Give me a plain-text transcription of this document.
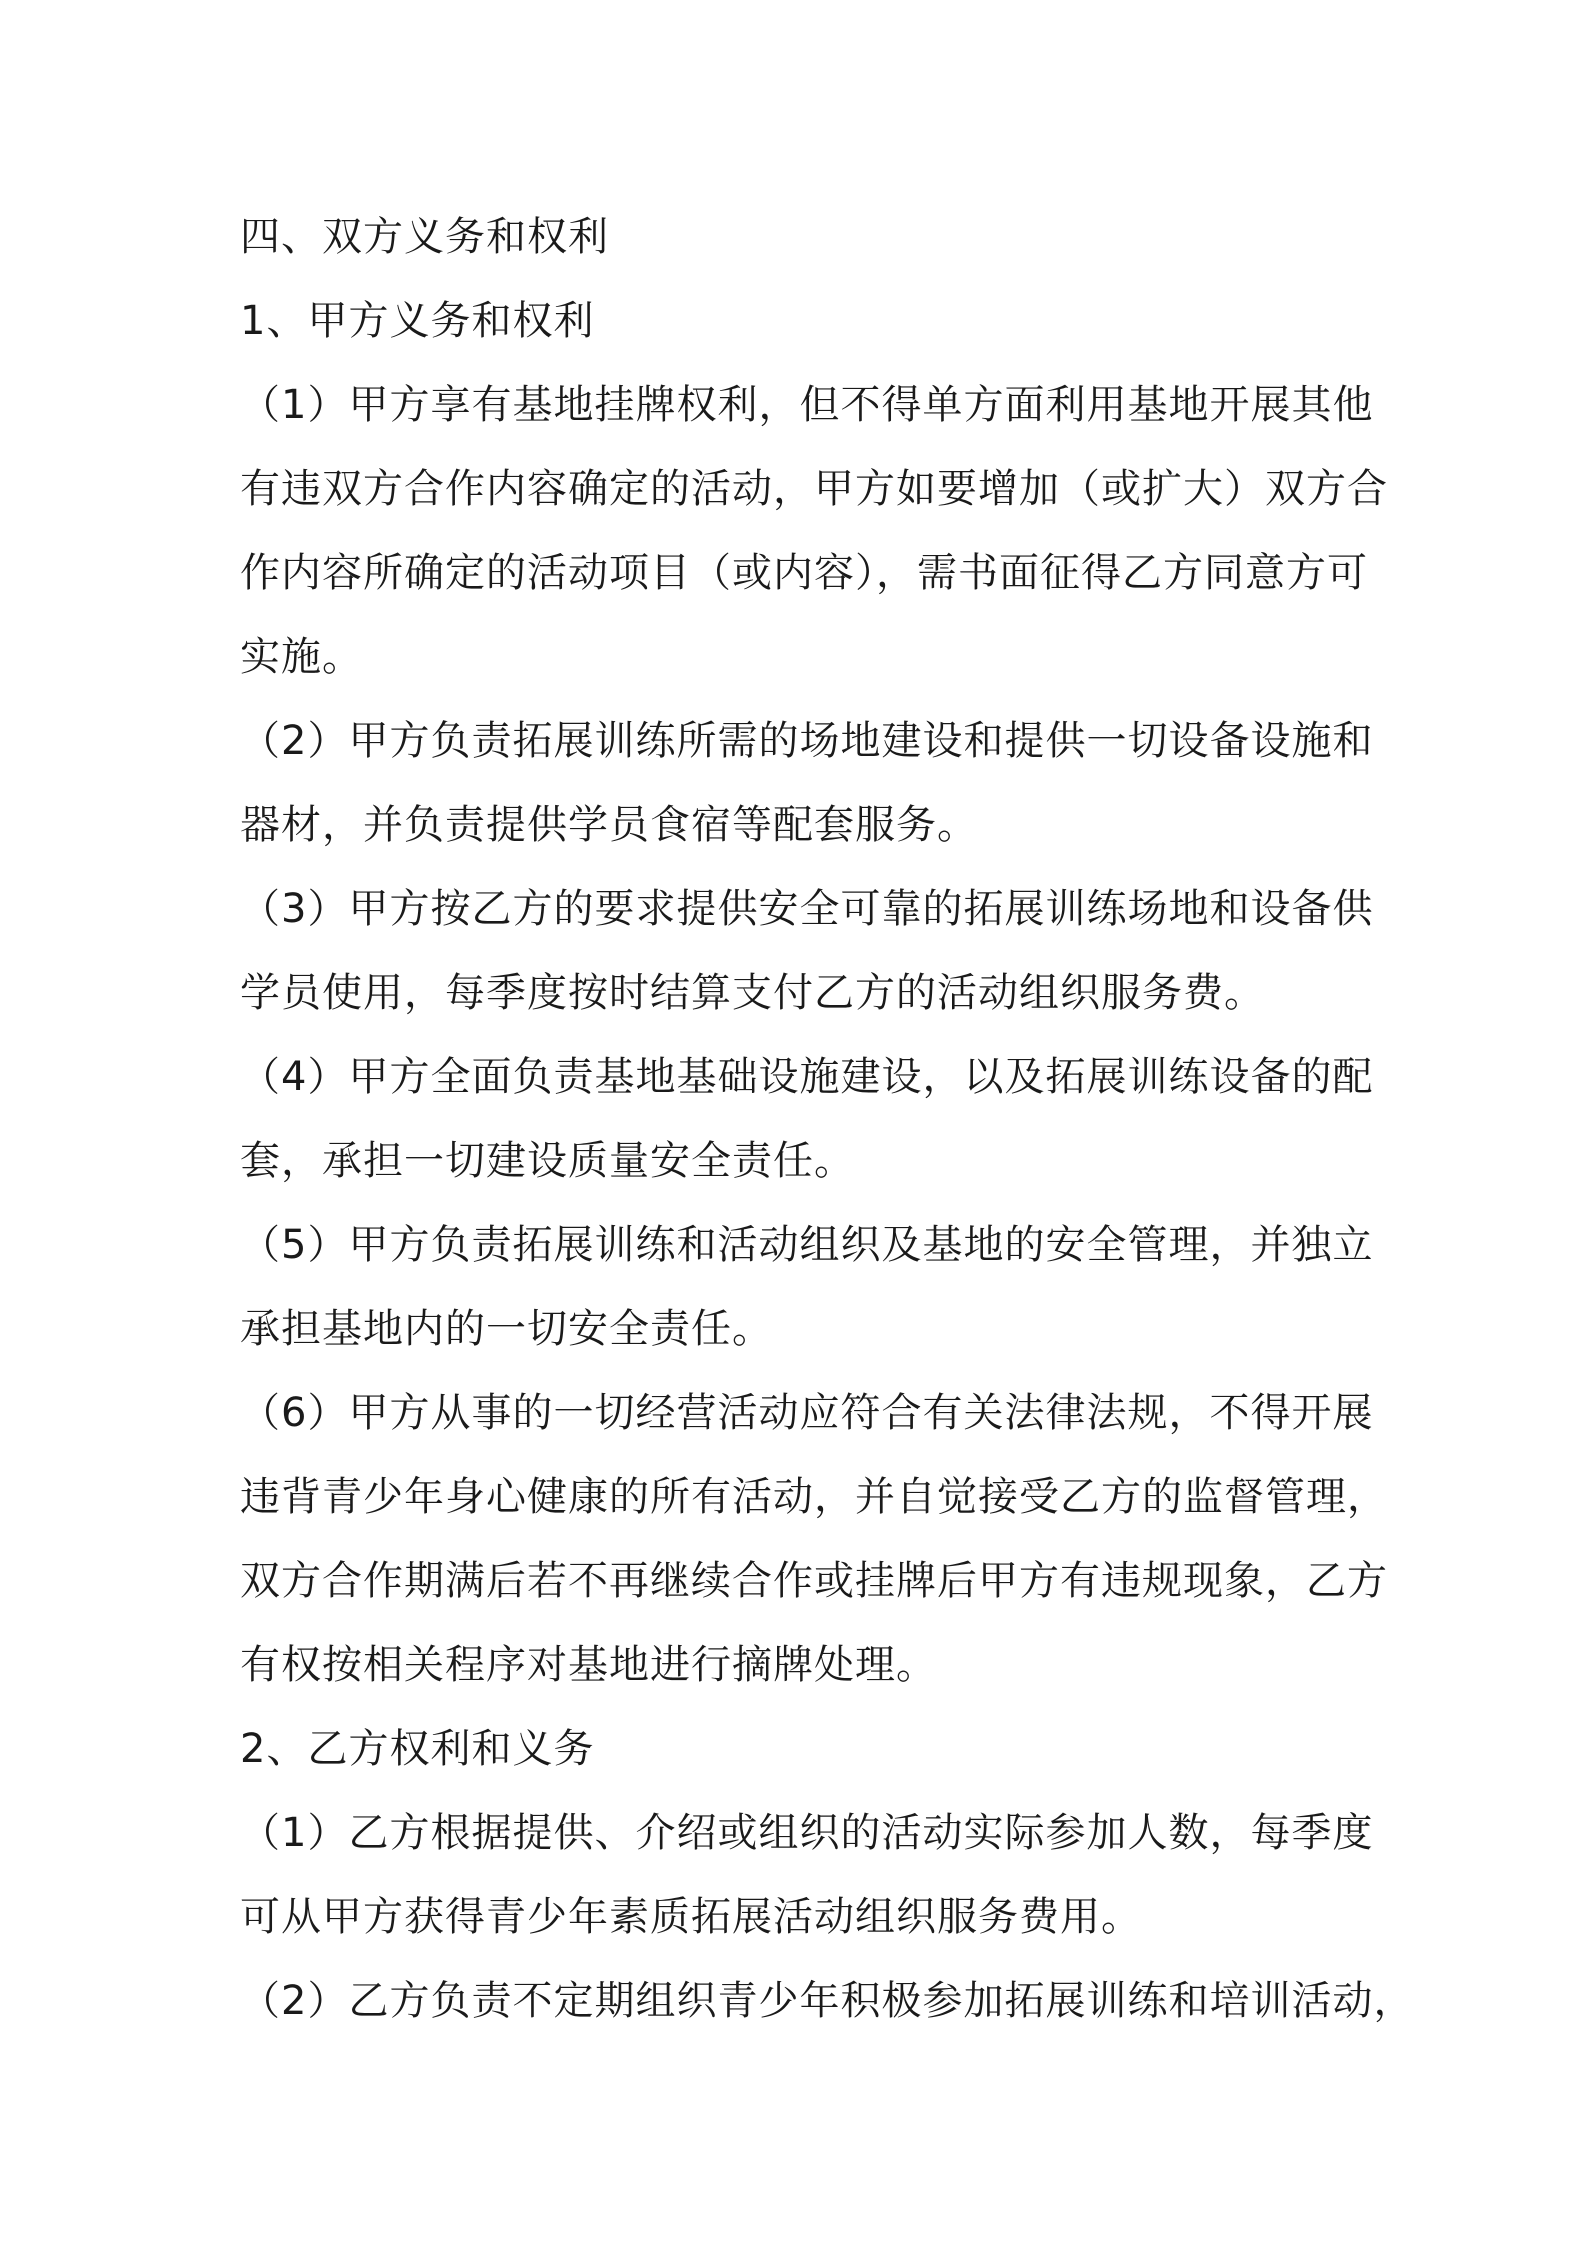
四、双方义务和权利

1、甲方义务和权利

（1）甲方享有基地挂牌权利，但不得单方面利用基地开展其他

有违双方合作内容确定的活动，甲方如要增加（或扩大）双方合

作内容所确定的活动项目（或内容），需书面征得乙方同意方可

实施。

（2）甲方负责拓展训练所需的场地建设和提供一切设备设施和

器材，并负责提供学员食宿等配套服务。

（3）甲方按乙方的要求提供安全可靠的拓展训练场地和设备供

学员使用，每季度按时结算支付乙方的活动组织服务费。

（4）甲方全面负责基地基础设施建设，以及拓展训练设备的配

套，承担一切建设质量安全责任。

（5）甲方负责拓展训练和活动组织及基地的安全管理，并独立

承担基地内的一切安全责任。

（6）甲方从事的一切经营活动应符合有关法律法规，不得开展

违背青少年身心健康的所有活动，并自觉接受乙方的监督管理，

双方合作期满后若不再继续合作或挂牌后甲方有违规现象，乙方

有权按相关程序对基地进行摘牌处理。

2、乙方权利和义务

（1）乙方根据提供、介绍或组织的活动实际参加人数，每季度

可从甲方获得青少年素质拓展活动组织服务费用。

（2）乙方负责不定期组织青少年积极参加拓展训练和培训活动，
